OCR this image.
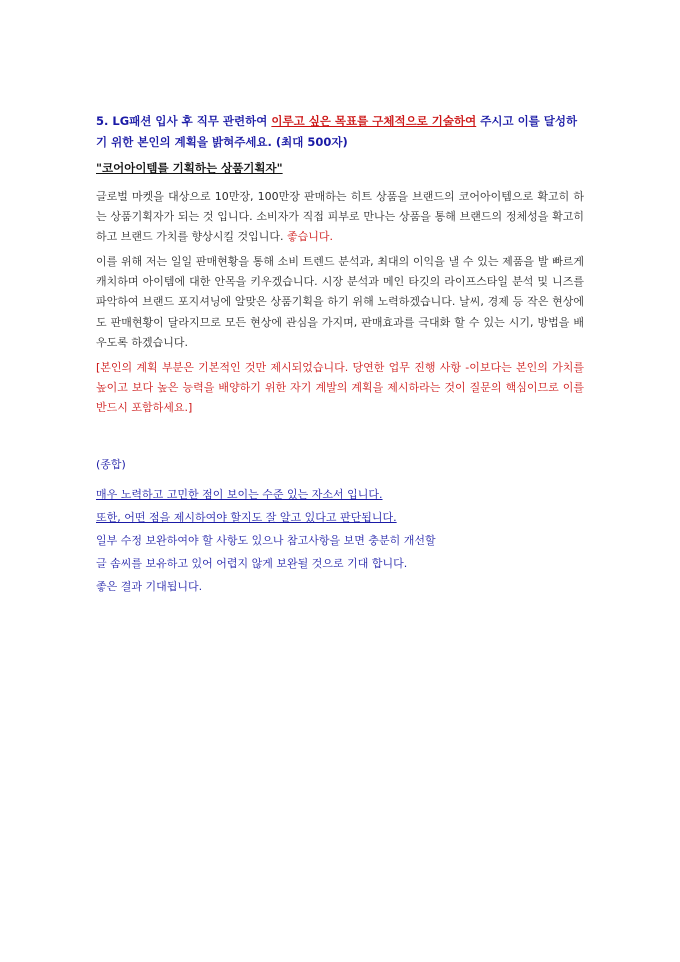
5. LG패션 입사 후 직무 관련하여 이루고 싶은 목표를 구체적으로 기술하여 주시고 이를 달성하기 위한 본인의 계획을 밝혀주세요. (최대 500자)
"코어아이템를 기획하는 상품기획자"
글로벌 마켓을 대상으로 10만장, 100만장 판매하는 히트 상품을 브랜드의 코어아이템으로 확고히 하는 상품기획자가 되는 것 입니다. 소비자가 직접 피부로 만나는 상품을 통해 브랜드의 정체성을 확고히 하고 브랜드 가치를 향상시킬 것입니다. 좋습니다.
이를 위해 저는 일일 판매현황을 통해 소비 트렌드 분석과, 최대의 이익을 낼 수 있는 제품을 발 빠르게 캐치하며 아이템에 대한 안목을 키우겠습니다. 시장 분석과 메인 타깃의 라이프스타일 분석 및 니즈를 파악하여 브랜드 포지셔닝에 알맞은 상품기획을 하기 위해 노력하겠습니다. 날씨, 경제 등 작은 현상에도 판매현황이 달라지므로 모든 현상에 관심을 가지며, 판매효과를 극대화 할 수 있는 시기, 방법을 배우도록 하겠습니다.
[본인의 계획 부분은 기본적인 것만 제시되었습니다. 당연한 업무 진행 사항 -이보다는 본인의 가치를 높이고 보다 높은 능력을 배양하기 위한 자기 계발의 계획을 제시하라는 것이 질문의 핵심이므로 이를 반드시 포함하세요.]
(종합)
매우 노력하고 고민한 점이 보이는 수준 있는 자소서 입니다.
또한, 어떤 점을 제시하여야 할지도 잘 알고 있다고 판단됩니다.
일부 수정 보완하여야 할 사항도 있으나 참고사항을 보면 충분히 개선할
글 솜씨를 보유하고 있어 어렵지 않게 보완될 것으로 기대 합니다.
좋은 결과 기대됩니다.
